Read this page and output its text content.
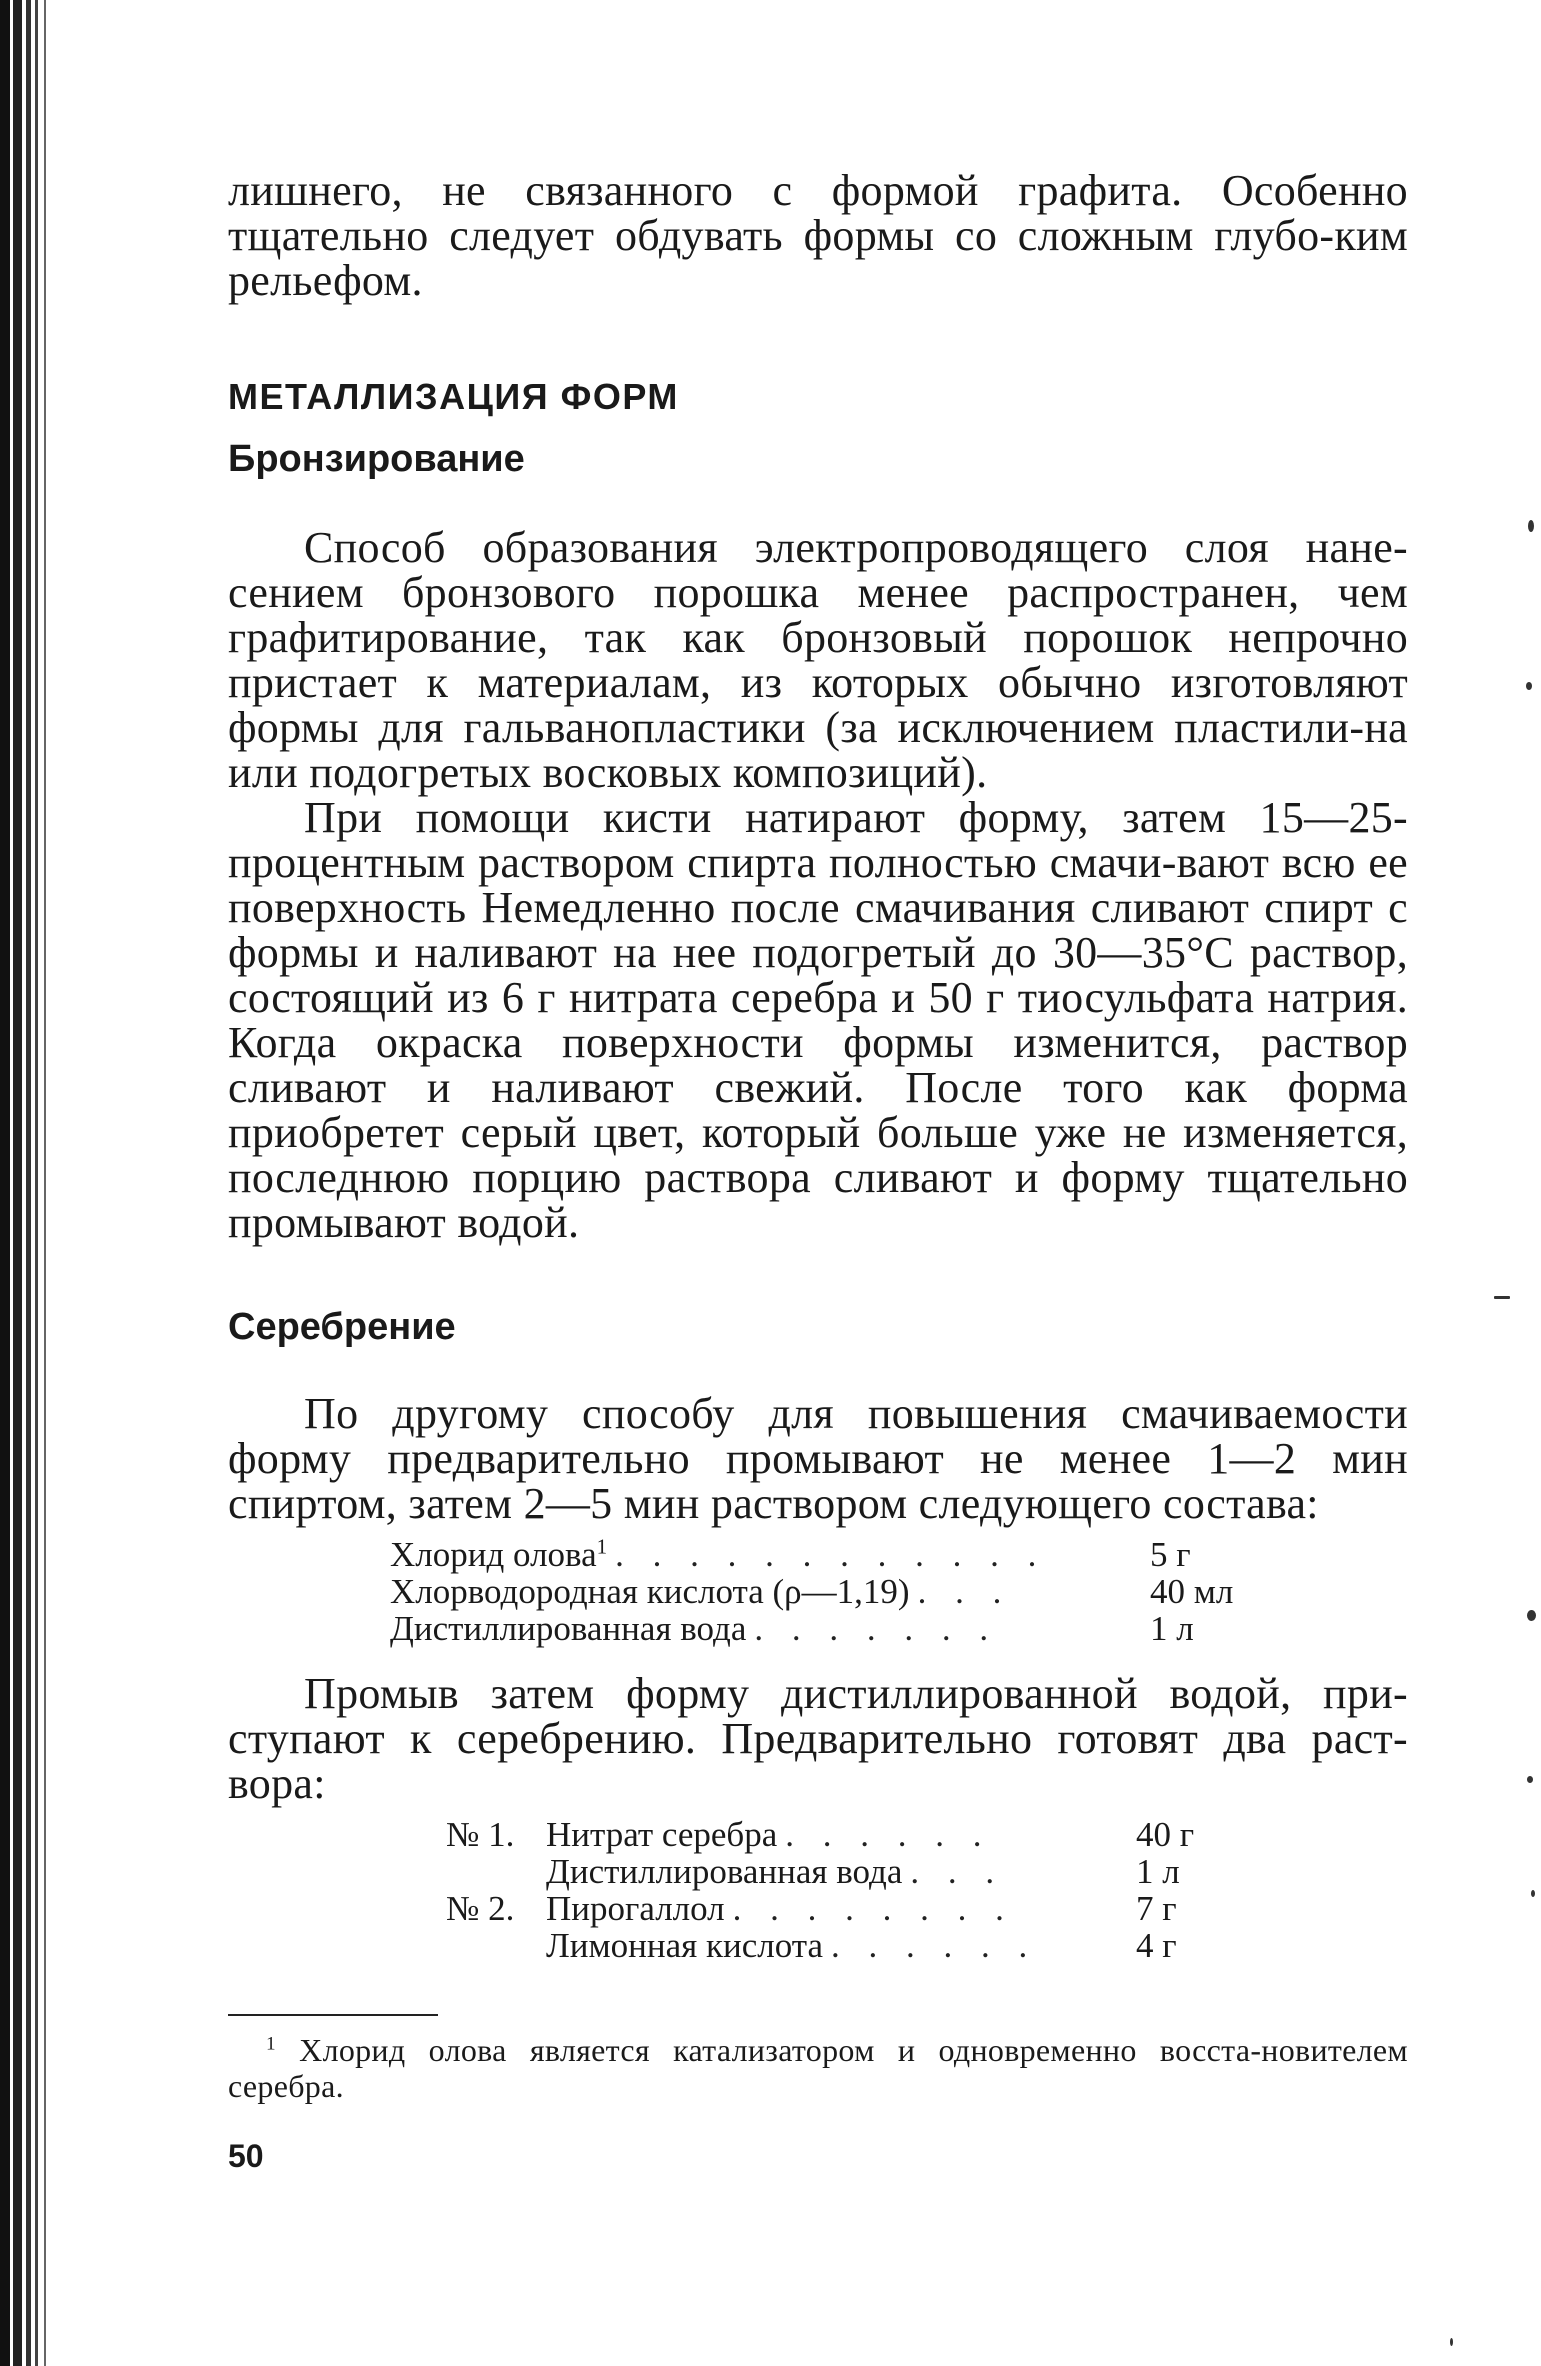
лишнего, не связанного с формой графита. Особенно тщательно следует обдувать формы со сложным глубо-ким рельефом.

МЕТАЛЛИЗАЦИЯ ФОРМ
Бронзирование

Способ образования электропроводящего слоя нане-сением бронзового порошка менее распространен, чем графитирование, так как бронзовый порошок непрочно пристает к материалам, из которых обычно изготовляют формы для гальванопластики (за исключением пластили-на или подогретых восковых композиций).

При помощи кисти натирают форму, затем 15—25-процентным раствором спирта полностью смачи-вают всю ее поверхность Немедленно после смачивания сливают спирт с формы и наливают на нее подогретый до 30—35°С раствор, состоящий из 6 г нитрата серебра и 50 г тиосульфата натрия. Когда окраска поверхности формы изменится, раствор сливают и наливают свежий. После того как форма приобретет серый цвет, который больше уже не изменяется, последнюю порцию раствора сливают и форму тщательно промывают водой.

Серебрение

По другому способу для повышения смачиваемости форму предварительно промывают не менее 1—2 мин спиртом, затем 2—5 мин раствором следующего состава:

Хлорид олова$^1$ . . . . . . . . . . . .	5 г
Хлорводородная кислота (ρ—1,19) . . .	40 мл
Дистиллированная вода . . . . . . .	1 л

Промыв затем форму дистиллированной водой, при-ступают к серебрению. Предварительно готовят два раст-вора:

№ 1. Нитрат серебра . . . . . .	40 г
Дистиллированная вода . . .	1 л
№ 2. Пирогаллол . . . . . . . .	7 г
Лимонная кислота . . . . . .	4 г

$^1$ Хлорид олова является катализатором и одновременно восста-новителем серебра.

50
